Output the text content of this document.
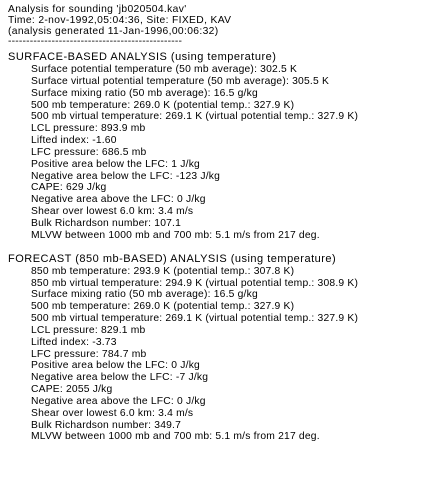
Analysis for sounding 'jb020504.kav'
Time: 2-nov-1992,05:04:36, Site: FIXED, KAV
(analysis generated 11-Jan-1996,00:06:32)
------------------------------------------------
SURFACE-BASED ANALYSIS (using temperature)
Surface potential temperature (50 mb average): 302.5 K
Surface virtual potential temperature (50 mb average): 305.5 K
Surface mixing ratio (50 mb average): 16.5 g/kg
500 mb temperature: 269.0 K (potential temp.: 327.9 K)
500 mb virtual temperature: 269.1 K (virtual potential temp.: 327.9 K)
LCL pressure: 893.9 mb
Lifted index: -1.60
LFC pressure: 686.5 mb
Positive area below the LFC: 1 J/kg
Negative area below the LFC: -123 J/kg
CAPE: 629 J/kg
Negative area above the LFC: 0 J/kg
Shear over lowest 6.0 km: 3.4 m/s
Bulk Richardson number: 107.1
MLVW between 1000 mb and 700 mb: 5.1 m/s from 217 deg.
FORECAST (850 mb-BASED) ANALYSIS (using temperature)
850 mb temperature: 293.9 K (potential temp.: 307.8 K)
850 mb virtual temperature: 294.9 K (virtual potential temp.: 308.9 K)
Surface mixing ratio (50 mb average): 16.5 g/kg
500 mb temperature: 269.0 K (potential temp.: 327.9 K)
500 mb virtual temperature: 269.1 K (virtual potential temp.: 327.9 K)
LCL pressure: 829.1 mb
Lifted index: -3.73
LFC pressure: 784.7 mb
Positive area below the LFC: 0 J/kg
Negative area below the LFC: -7 J/kg
CAPE: 2055 J/kg
Negative area above the LFC: 0 J/kg
Shear over lowest 6.0 km: 3.4 m/s
Bulk Richardson number: 349.7
MLVW between 1000 mb and 700 mb: 5.1 m/s from 217 deg.
